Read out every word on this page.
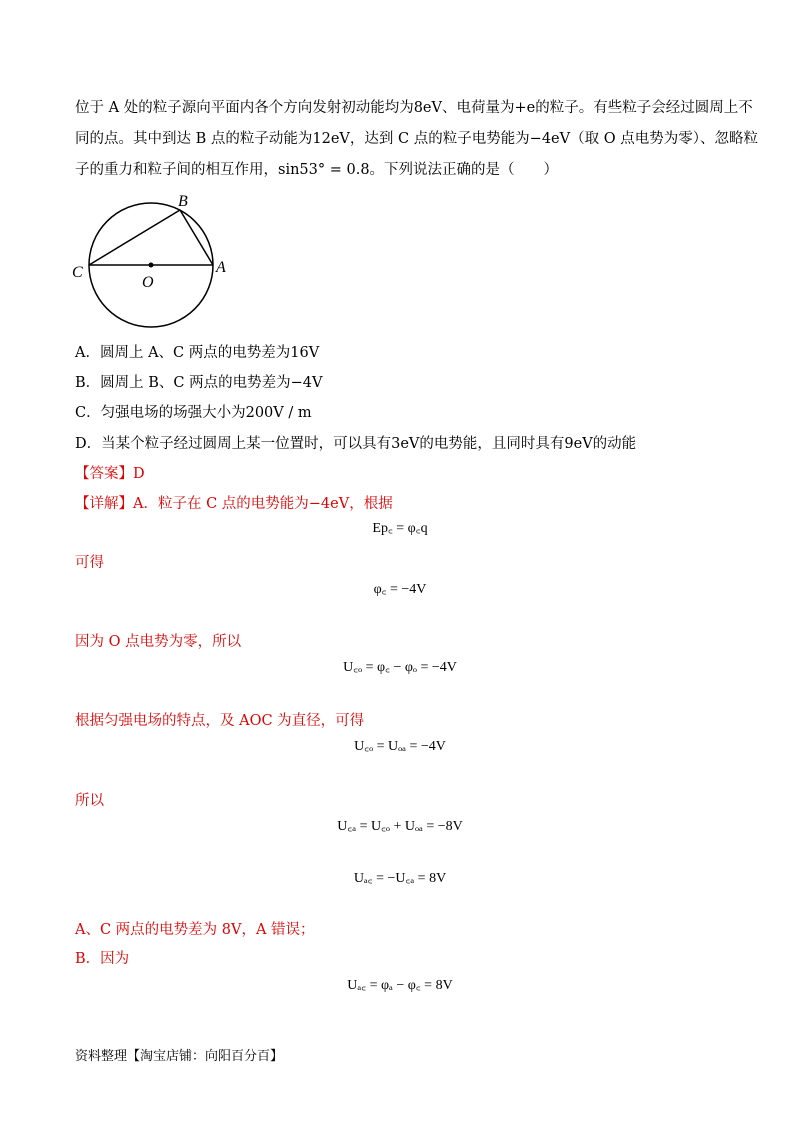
位于 A 处的粒子源向平面内各个方向发射初动能均为8eV、电荷量为+e的粒子。有些粒子会经过圆周上不
同的点。其中到达 B 点的粒子动能为12eV，达到 C 点的粒子电势能为−4eV（取 O 点电势为零）、忽略粒
子的重力和粒子间的相互作用，sin53° = 0.8。下列说法正确的是（　　）
B
C	A
O
A．圆周上 A、C 两点的电势差为16V
B．圆周上 B、C 两点的电势差为−4V
C．匀强电场的场强大小为200V / m
D．当某个粒子经过圆周上某一位置时，可以具有3eV的电势能，且同时具有9eV的动能
【答案】D
【详解】A．粒子在 C 点的电势能为−4eV，根据
Ep꜀ = φ꜀q
可得
φ꜀ = −4V
因为 O 点电势为零，所以
U꜀ₒ = φ꜀ − φₒ = −4V
根据匀强电场的特点，及 AOC 为直径，可得
U꜀ₒ = Uₒₐ = −4V
所以
U꜀ₐ = U꜀ₒ + Uₒₐ = −8V
Uₐ꜀ = −U꜀ₐ = 8V
A、C 两点的电势差为 8V，A 错误；
B．因为
Uₐ꜀ = φₐ − φ꜀ = 8V
资料整理【淘宝店铺：向阳百分百】
